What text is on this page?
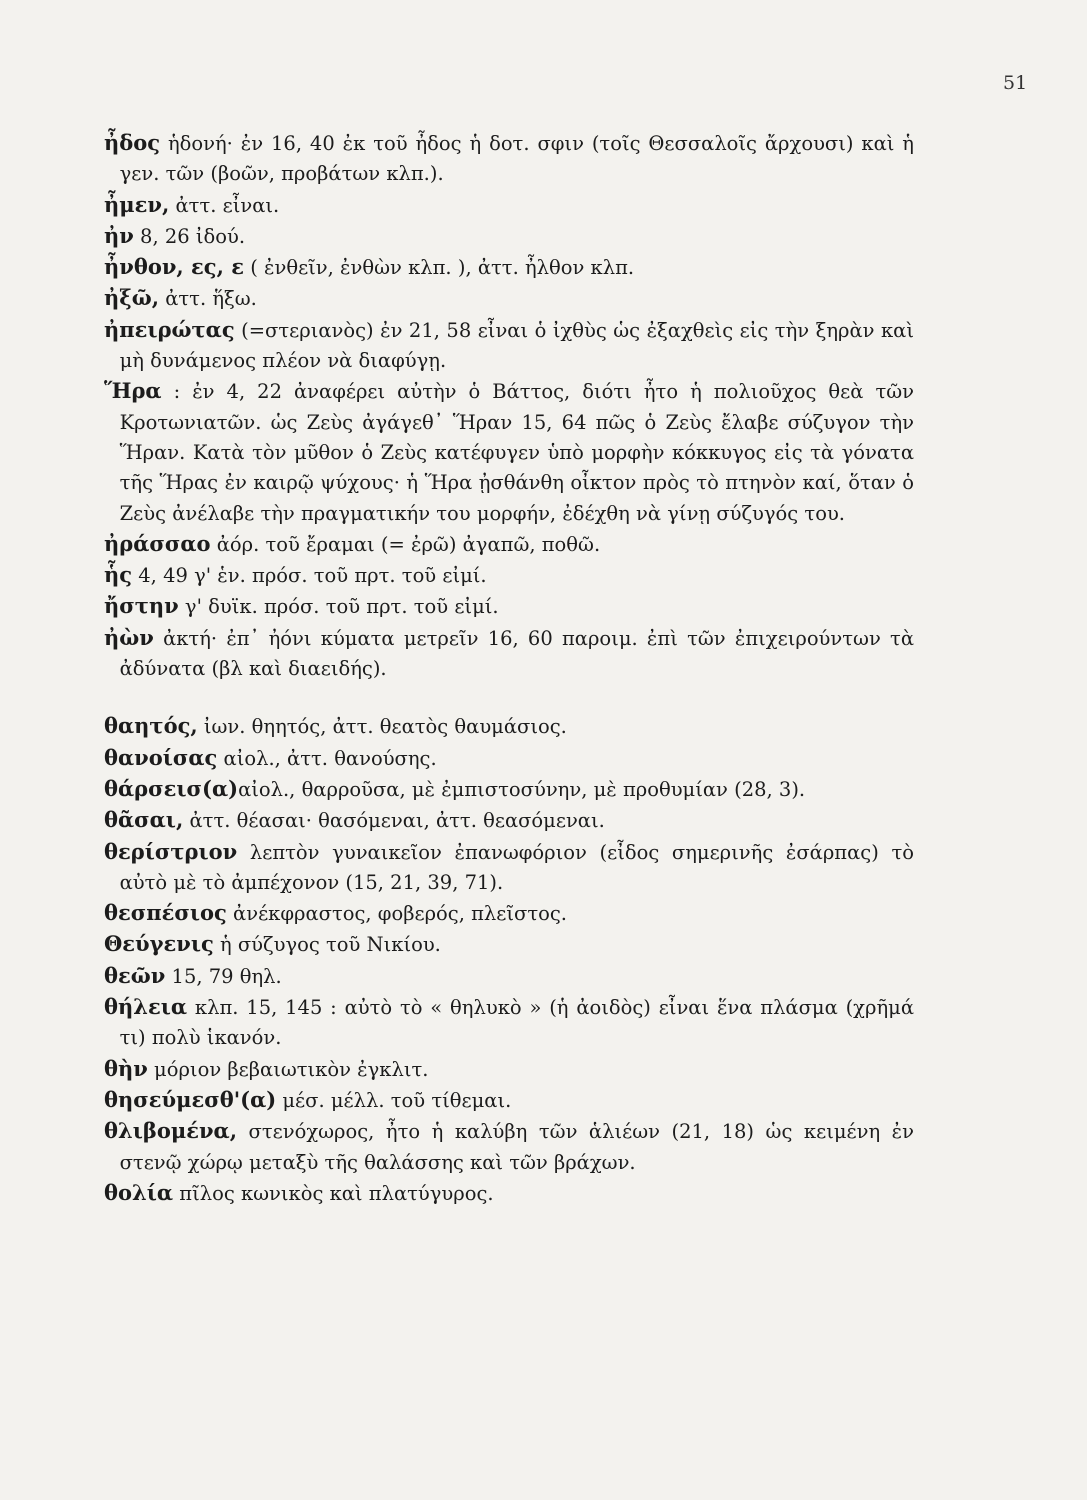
51

ἦδος ἡδονή· ἐν 16, 40 ἐκ τοῦ ἦδος ἡ δοτ. σφιν (τοῖς Θεσσαλοῖς ἄρχουσι) καὶ ἡ γεν. τῶν (βοῶν, προβάτων κλπ.).

ἦμεν, ἀττ. εἶναι.

ἠν 8, 26 ἰδού.

ἦνθον, ες, ε ( ἐνθεῖν, ἐνθὼν κλπ. ), ἀττ. ἦλθον κλπ.

ἠξῶ, ἀττ. ἥξω.

ἠπειρώτας (=στεριανὸς) ἐν 21, 58 εἶναι ὁ ἰχθὺς ὡς ἐξαχθεὶς εἰς τὴν ξηρὰν καὶ μὴ δυνάμενος πλέον νὰ διαφύγῃ.

Ἥρα : ἐν 4, 22 ἀναφέρει αὐτὴν ὁ Βάττος, διότι ἦτο ἡ πολιοῦχος θεὰ τῶν Κροτωνιατῶν. ὡς Ζεὺς ἀγάγεθ᾽ Ἥραν 15, 64 πῶς ὁ Ζεὺς ἔλαβε σύζυγον τὴν Ἥραν. Κατὰ τὸν μῦθον ὁ Ζεὺς κατέφυγεν ὑπὸ μορφὴν κόκκυγος εἰς τὰ γόνατα τῆς Ἥρας ἐν καιρῷ ψύχους· ἡ Ἥρα ᾐσθάνθη οἶκτον πρὸς τὸ πτηνὸν καί, ὅταν ὁ Ζεὺς ἀνέλαβε τὴν πραγματικήν του μορφήν, ἐδέχθη νὰ γίνῃ σύζυγός του.

ἠράσσαο ἀόρ. τοῦ ἔραμαι (= ἐρῶ) ἀγαπῶ, ποθῶ.

ἧς 4, 49 γ' ἑν. πρόσ. τοῦ πρτ. τοῦ εἰμί.

ἤστην γ' δυϊκ. πρόσ. τοῦ πρτ. τοῦ εἰμί.

ἠὼν ἀκτή· ἐπ᾽ ἠόνι κύματα μετρεῖν 16, 60 παροιμ. ἐπὶ τῶν ἐπιχειρούντων τὰ ἀδύνατα (βλ καὶ διαειδής).

θαητός, ἰων. θηητός, ἀττ. θεατὸς θαυμάσιος.

θανοίσας αἰολ., ἀττ. θανούσης.

θάρσεισ(α)αἰολ., θαρροῦσα, μὲ ἐμπιστοσύνην, μὲ προθυμίαν (28, 3).

θᾶσαι, ἀττ. θέασαι· θασόμεναι, ἀττ. θεασόμεναι.

θερίστριον λεπτὸν γυναικεῖον ἐπανωφόριον (εἶδος σημερινῆς ἐσάρπας) τὸ αὐτὸ μὲ τὸ ἀμπέχονον (15, 21, 39, 71).

θεσπέσιος ἀνέκφραστος, φοβερός, πλεῖστος.

Θεύγενις ἡ σύζυγος τοῦ Νικίου.

θεῶν 15, 79 θηλ.

θήλεια κλπ. 15, 145 : αὐτὸ τὸ « θηλυκὸ » (ἡ ἀοιδὸς) εἶναι ἕνα πλάσμα (χρῆμά τι) πολὺ ἱκανόν.

θὴν μόριον βεβαιωτικὸν ἐγκλιτ.

θησεύμεσθ'(α) μέσ. μέλλ. τοῦ τίθεμαι.

θλιβομένα, στενόχωρος, ἦτο ἡ καλύβη τῶν ἁλιέων (21, 18) ὡς κειμένη ἐν στενῷ χώρῳ μεταξὺ τῆς θαλάσσης καὶ τῶν βράχων.

θολία πῖλος κωνικὸς καὶ πλατύγυρος.
